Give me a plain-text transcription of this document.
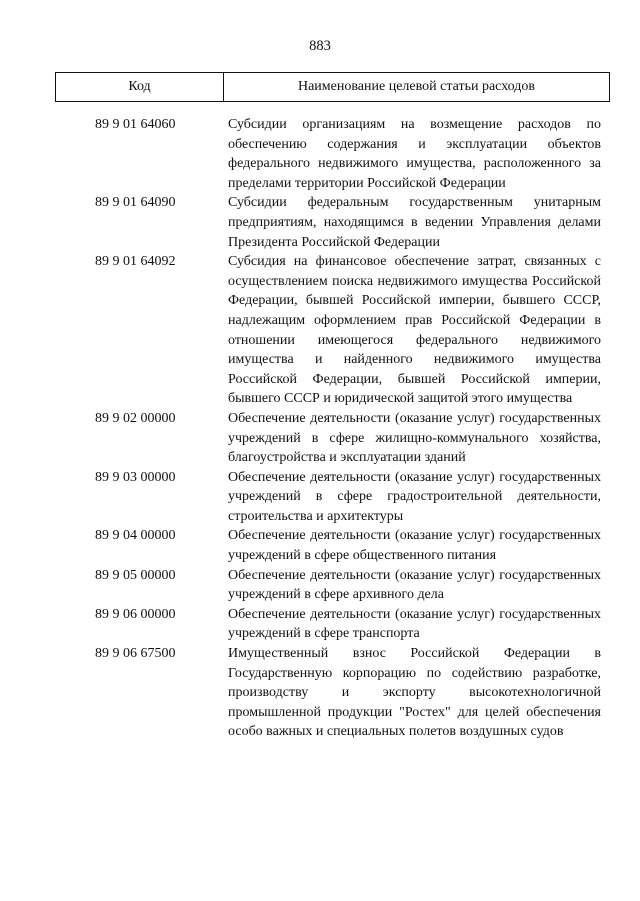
883
Код	Наименование целевой статьи расходов
89 9 01 64060	Субсидии организациям на возмещение расходов по обеспечению содержания и эксплуатации объектов федерального недвижимого имущества, расположенного за пределами территории Российской Федерации
89 9 01 64090	Субсидии федеральным государственным унитарным предприятиям, находящимся в ведении Управления делами Президента Российской Федерации
89 9 01 64092	Субсидия на финансовое обеспечение затрат, связанных с осуществлением поиска недвижимого имущества Российской Федерации, бывшей Российской империи, бывшего СССР, надлежащим оформлением прав Российской Федерации в отношении имеющегося федерального недвижимого имущества и найденного недвижимого имущества Российской Федерации, бывшей Российской империи, бывшего СССР и юридической защитой этого имущества
89 9 02 00000	Обеспечение деятельности (оказание услуг) государственных учреждений в сфере жилищно-коммунального хозяйства, благоустройства и эксплуатации зданий
89 9 03 00000	Обеспечение деятельности (оказание услуг) государственных учреждений в сфере градостроительной деятельности, строительства и архитектуры
89 9 04 00000	Обеспечение деятельности (оказание услуг) государственных учреждений в сфере общественного питания
89 9 05 00000	Обеспечение деятельности (оказание услуг) государственных учреждений в сфере архивного дела
89 9 06 00000	Обеспечение деятельности (оказание услуг) государственных учреждений в сфере транспорта
89 9 06 67500	Имущественный взнос Российской Федерации в Государственную корпорацию по содействию разработке, производству и экспорту высокотехнологичной промышленной продукции "Ростех" для целей обеспечения особо важных и специальных полетов воздушных судов
